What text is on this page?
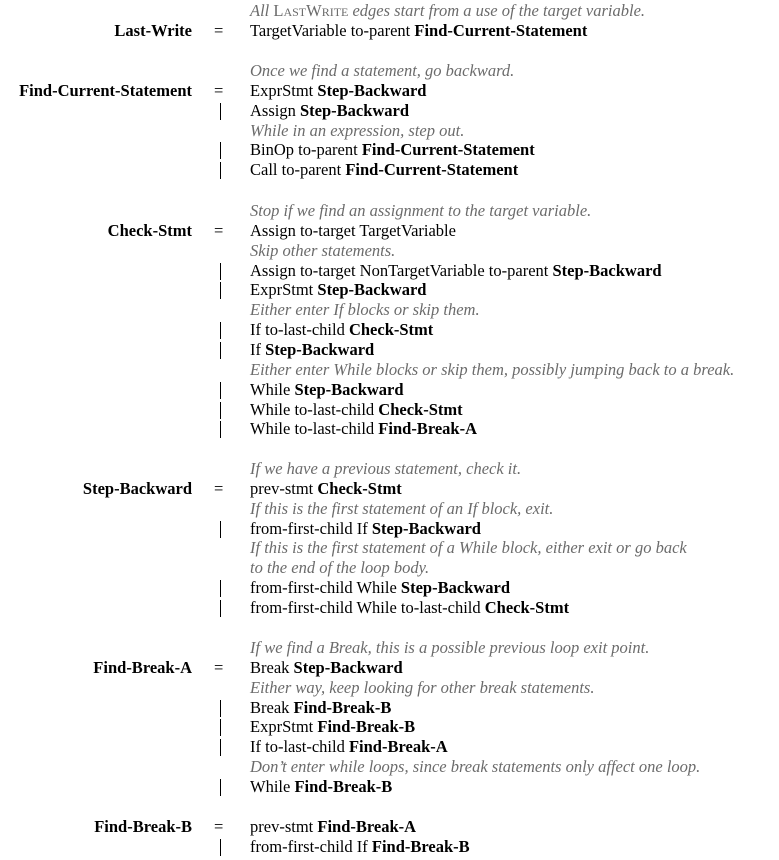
All LastWrite edges start from a use of the target variable.
Last-Write = TargetVariable to-parent Find-Current-Statement
Once we find a statement, go backward.
Find-Current-Statement = ExprStmt Step-Backward
Assign Step-Backward
While in an expression, step out.
BinOp to-parent Find-Current-Statement
Call to-parent Find-Current-Statement
Stop if we find an assignment to the target variable.
Check-Stmt = Assign to-target TargetVariable
Skip other statements.
Assign to-target NonTargetVariable to-parent Step-Backward
ExprStmt Step-Backward
Either enter If blocks or skip them.
If to-last-child Check-Stmt
If Step-Backward
Either enter While blocks or skip them, possibly jumping back to a break.
While Step-Backward
While to-last-child Check-Stmt
While to-last-child Find-Break-A
If we have a previous statement, check it.
Step-Backward = prev-stmt Check-Stmt
If this is the first statement of an If block, exit.
from-first-child If Step-Backward
If this is the first statement of a While block, either exit or go back
to the end of the loop body.
from-first-child While Step-Backward
from-first-child While to-last-child Check-Stmt
If we find a Break, this is a possible previous loop exit point.
Find-Break-A = Break Step-Backward
Either way, keep looking for other break statements.
Break Find-Break-B
ExprStmt Find-Break-B
If to-last-child Find-Break-A
Don’t enter while loops, since break statements only affect one loop.
While Find-Break-B
Find-Break-B = prev-stmt Find-Break-A
from-first-child If Find-Break-B
